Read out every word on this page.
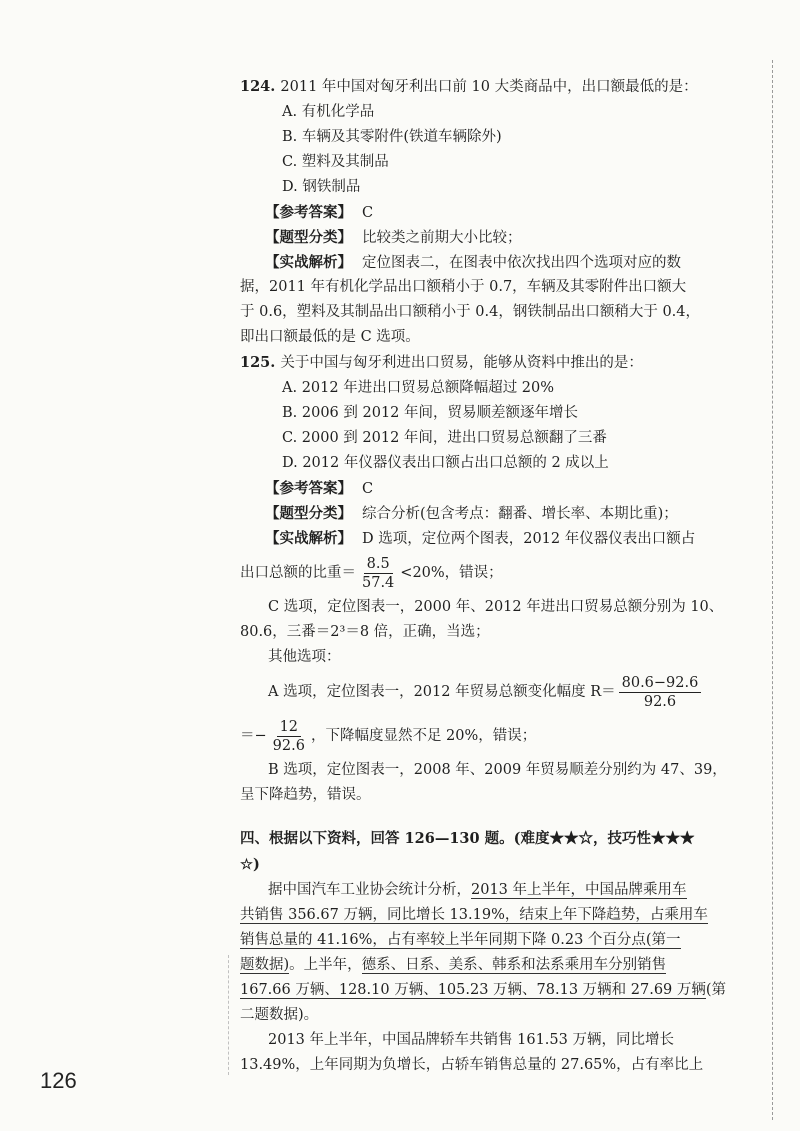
124. 2011 年中国对匈牙利出口前 10 大类商品中，出口额最低的是：
A. 有机化学品
B. 车辆及其零附件(铁道车辆除外)
C. 塑料及其制品
D. 钢铁制品
【参考答案】 C
【题型分类】 比较类之前期大小比较；
【实战解析】 定位图表二，在图表中依次找出四个选项对应的数
据，2011 年有机化学品出口额稍小于 0.7，车辆及其零附件出口额大
于 0.6，塑料及其制品出口额稍小于 0.4，钢铁制品出口额稍大于 0.4，
即出口额最低的是 C 选项。
125. 关于中国与匈牙利进出口贸易，能够从资料中推出的是：
A. 2012 年进出口贸易总额降幅超过 20%
B. 2006 到 2012 年间，贸易顺差额逐年增长
C. 2000 到 2012 年间，进出口贸易总额翻了三番
D. 2012 年仪器仪表出口额占出口总额的 2 成以上
【参考答案】 C
【题型分类】 综合分析(包含考点：翻番、增长率、本期比重)；
【实战解析】 D 选项，定位两个图表，2012 年仪器仪表出口额占
出口总额的比重＝ $\frac{8.5}{57.4} <20\%$，错误；
C 选项，定位图表一，2000 年、2012 年进出口贸易总额分别为 10、
80.6，三番＝2³＝8 倍，正确，当选；
其他选项：
A 选项，定位图表一，2012 年贸易总额变化幅度 $R= \frac{80.6-92.6}{92.6}$
＝− $\frac{12}{92.6}$ ，下降幅度显然不足 20%，错误；
B 选项，定位图表一，2008 年、2009 年贸易顺差分别约为 47、39，
呈下降趋势，错误。
四、根据以下资料，回答 126—130 题。(难度★★☆，技巧性★★★
☆)
据中国汽车工业协会统计分析，2013 年上半年，中国品牌乘用车
共销售 356.67 万辆，同比增长 13.19%，结束上年下降趋势，占乘用车
销售总量的 41.16%，占有率较上半年同期下降 0.23 个百分点(第一
题数据)。上半年，德系、日系、美系、韩系和法系乘用车分别销售
167.66 万辆、128.10 万辆、105.23 万辆、78.13 万辆和 27.69 万辆(第
二题数据)。
2013 年上半年，中国品牌轿车共销售 161.53 万辆，同比增长
13.49%，上年同期为负增长，占轿车销售总量的 27.65%，占有率比上
126
